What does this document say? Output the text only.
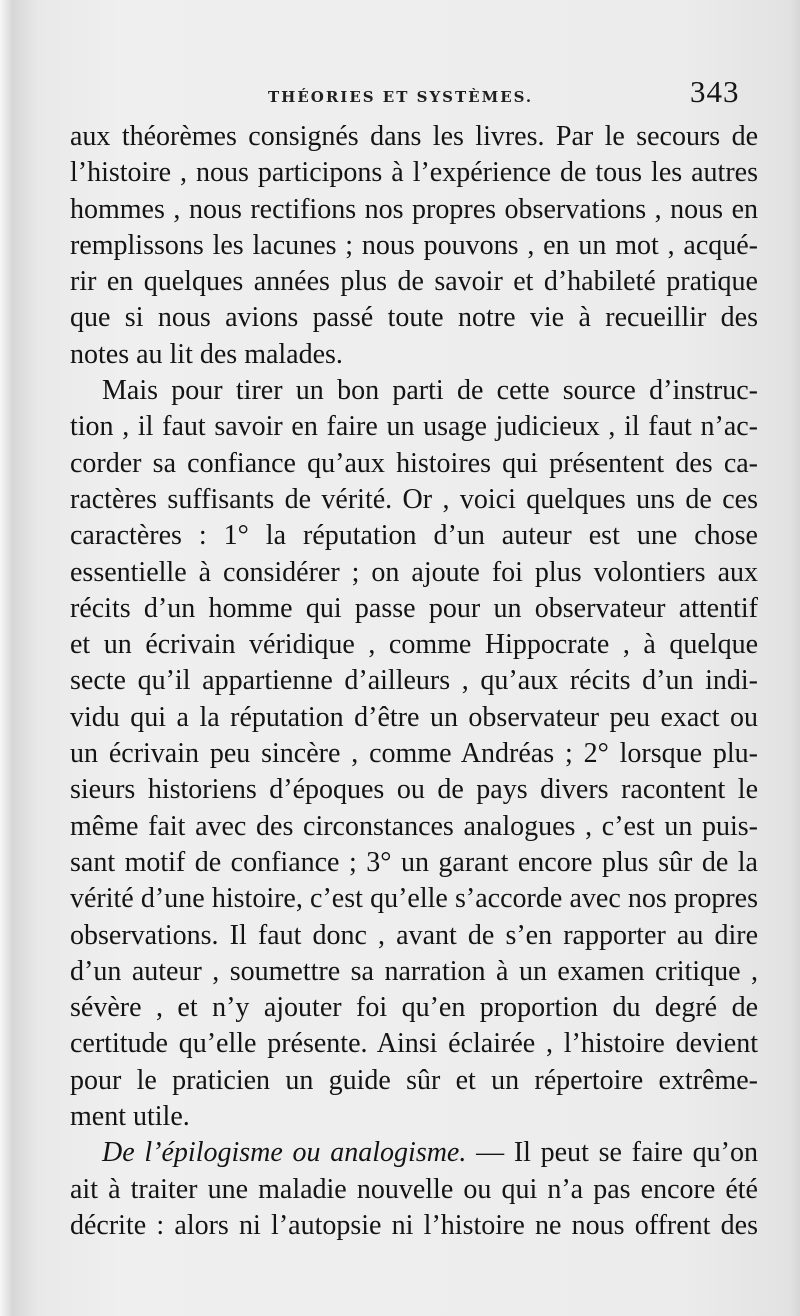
THÉORIES ET SYSTÈMES.	343
aux théorèmes consignés dans les livres. Par le secours de
l’histoire , nous participons à l’expérience de tous les autres
hommes , nous rectifions nos propres observations , nous en
remplissons les lacunes ; nous pouvons , en un mot , acqué-
rir en quelques années plus de savoir et d’habileté pratique
que si nous avions passé toute notre vie à recueillir des
notes au lit des malades.
Mais pour tirer un bon parti de cette source d’instruc-
tion , il faut savoir en faire un usage judicieux , il faut n’ac-
corder sa confiance qu’aux histoires qui présentent des ca-
ractères suffisants de vérité. Or , voici quelques uns de ces
caractères : 1° la réputation d’un auteur est une chose
essentielle à considérer ; on ajoute foi plus volontiers aux
récits d’un homme qui passe pour un observateur attentif
et un écrivain véridique , comme Hippocrate , à quelque
secte qu’il appartienne d’ailleurs , qu’aux récits d’un indi-
vidu qui a la réputation d’être un observateur peu exact ou
un écrivain peu sincère , comme Andréas ; 2° lorsque plu-
sieurs historiens d’époques ou de pays divers racontent le
même fait avec des circonstances analogues , c’est un puis-
sant motif de confiance ; 3° un garant encore plus sûr de la
vérité d’une histoire, c’est qu’elle s’accorde avec nos propres
observations. Il faut donc , avant de s’en rapporter au dire
d’un auteur , soumettre sa narration à un examen critique ,
sévère , et n’y ajouter foi qu’en proportion du degré de
certitude qu’elle présente. Ainsi éclairée , l’histoire devient
pour le praticien un guide sûr et un répertoire extrême-
ment utile.
De l’épilogisme ou analogisme. — Il peut se faire qu’on
ait à traiter une maladie nouvelle ou qui n’a pas encore été
décrite : alors ni l’autopsie ni l’histoire ne nous offrent des
